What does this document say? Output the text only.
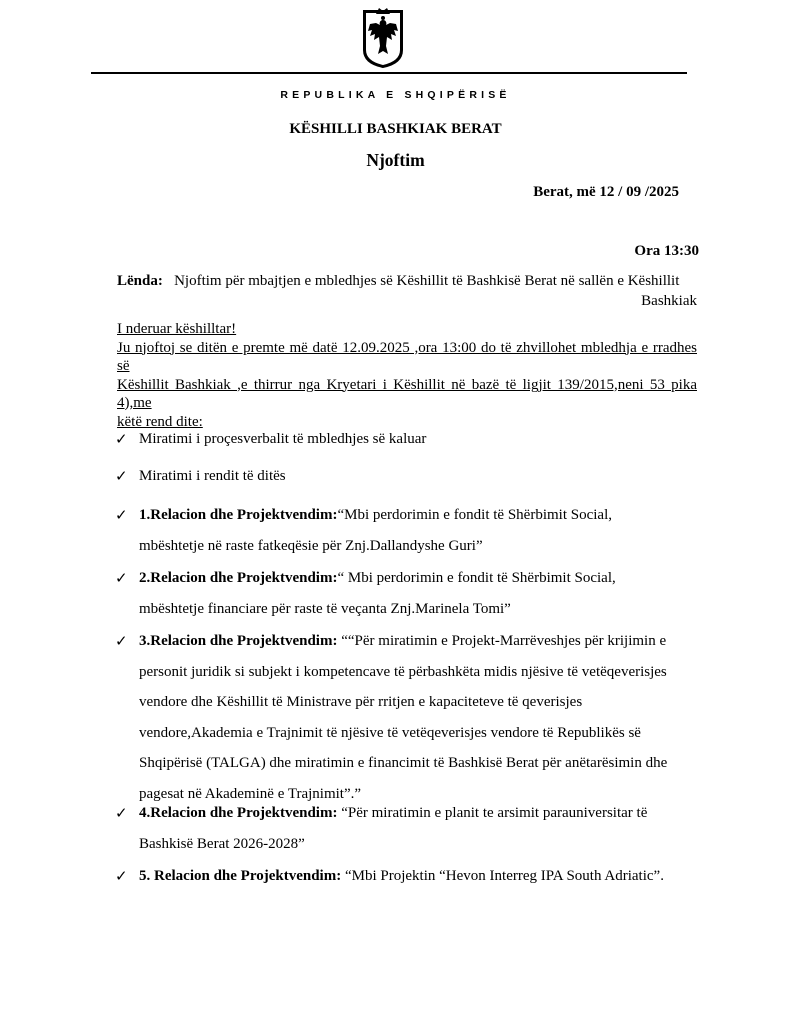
REPUBLIKA E SHQIPËRISË
KËSHILLI BASHKIAK BERAT
Njoftim
Berat, më 12 / 09 /2025
Ora 13:30
Lënda: Njoftim për mbajtjen e mbledhjes së Këshillit të Bashkisë Berat në sallën e Këshillit
Bashkiak
I nderuar këshilltar!
Ju njoftoj se ditën e premte më datë 12.09.2025 ,ora 13:00 do të zhvillohet mbledhja e rradhes së
Këshillit Bashkiak ,e thirrur nga Kryetari i Këshillit në bazë të ligjit 139/2015,neni 53 pika 4),me
këtë rend dite:
✓ Miratimi i proçesverbalit të mbledhjes së kaluar
✓ Miratimi i rendit të ditës
✓ 1.Relacion dhe Projektvendim:“Mbi perdorimin e fondit të Shërbimit Social,
mbështetje në raste fatkeqësie për Znj.Dallandyshe Guri”
✓ 2.Relacion dhe Projektvendim:“ Mbi perdorimin e fondit të Shërbimit Social,
mbështetje financiare për raste të veçanta Znj.Marinela Tomi”
✓ 3.Relacion dhe Projektvendim: ““Për miratimin e Projekt-Marrëveshjes për krijimin e
personit juridik si subjekt i kompetencave të përbashkëta midis njësive të vetëqeverisjes
vendore dhe Këshillit të Ministrave për rritjen e kapaciteteve të qeverisjes
vendore,Akademia e Trajnimit të njësive të vetëqeverisjes vendore të Republikës së
Shqipërisë (TALGA) dhe miratimin e financimit të Bashkisë Berat për anëtarësimin dhe
pagesat në Akademinë e Trajnimit”.”
✓ 4.Relacion dhe Projektvendim: “Për miratimin e planit te arsimit parauniversitar të
Bashkisë Berat 2026-2028”
✓ 5. Relacion dhe Projektvendim: “Mbi Projektin “Hevon Interreg IPA South Adriatic”.
